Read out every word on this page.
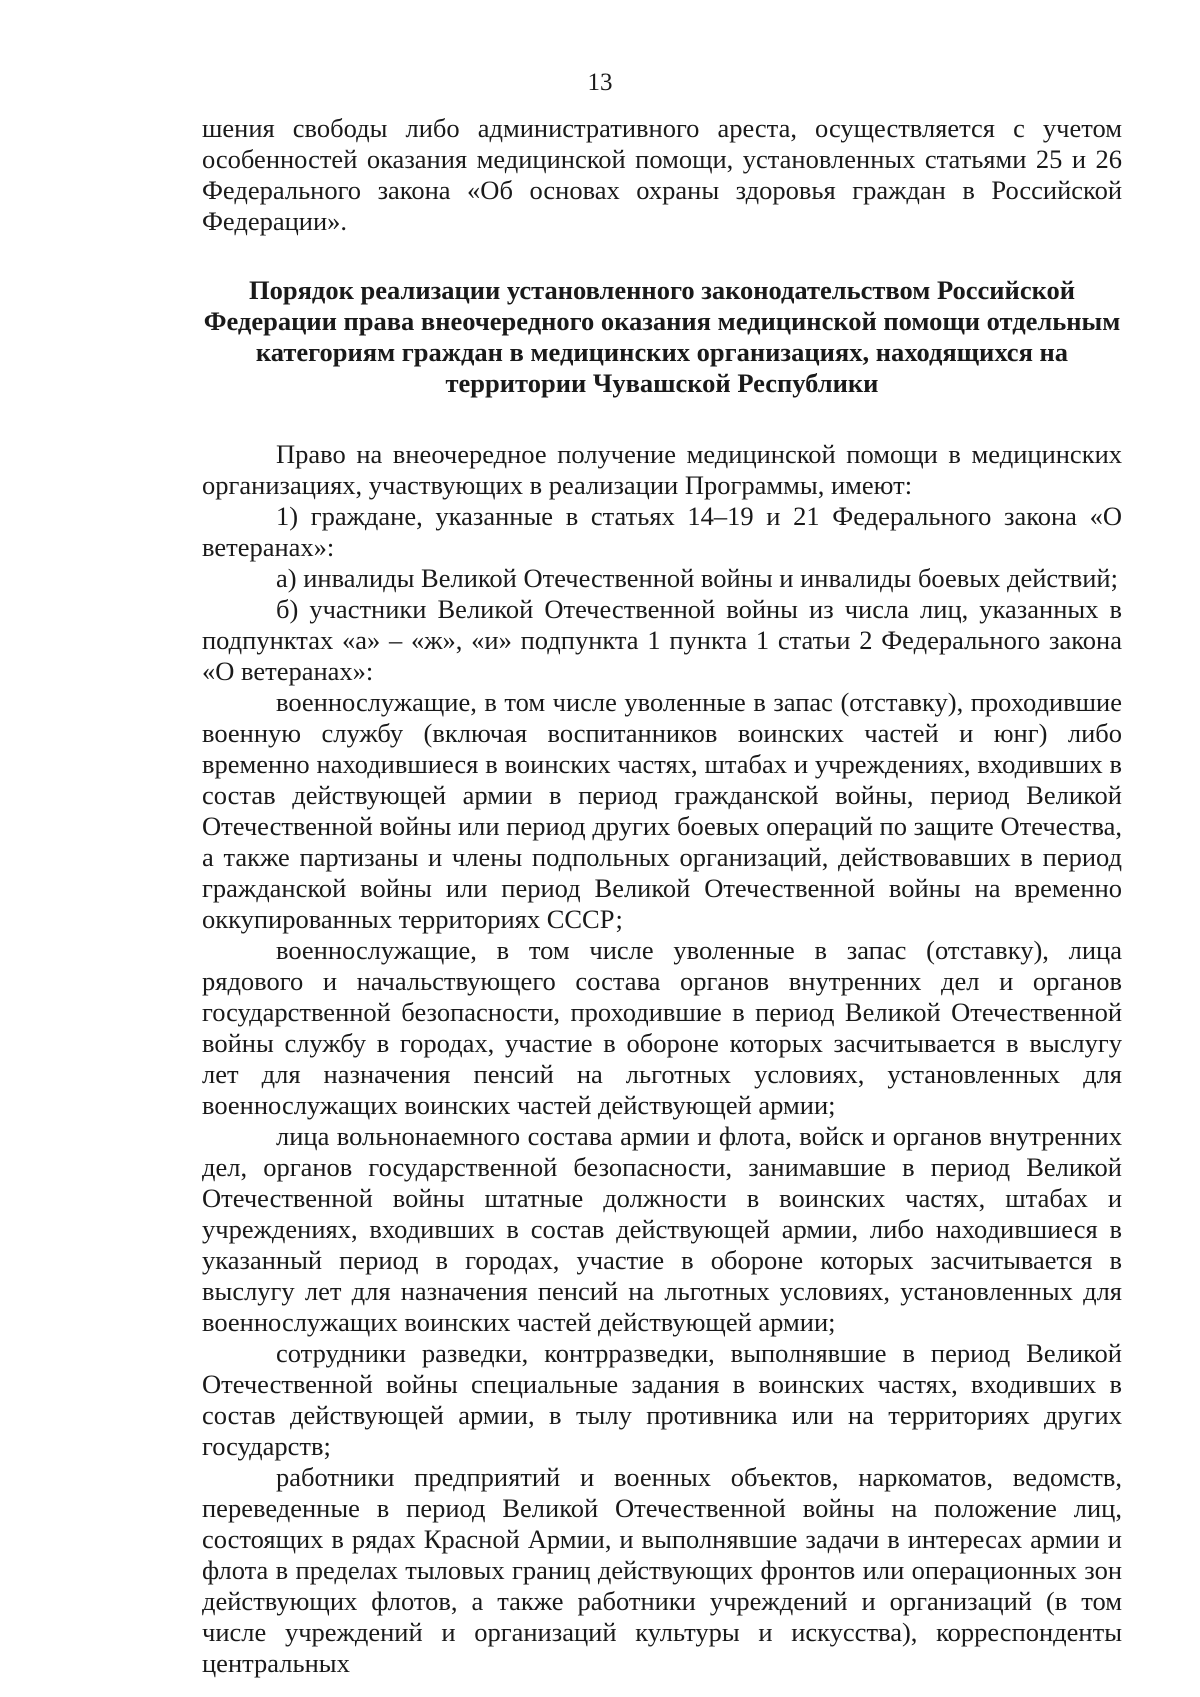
13

шения свободы либо административного ареста, осуществляется с учетом особенностей оказания медицинской помощи, установленных статьями 25 и 26 Федерального закона «Об основах охраны здоровья граждан в Российской Федерации».

Порядок реализации установленного законодательством Российской Федерации права внеочередного оказания медицинской помощи отдельным категориям граждан в медицинских организациях, находящихся на территории Чувашской Республики

Право на внеочередное получение медицинской помощи в медицинских организациях, участвующих в реализации Программы, имеют:

1) граждане, указанные в статьях 14–19 и 21 Федерального закона «О ветеранах»:

а) инвалиды Великой Отечественной войны и инвалиды боевых действий;

б) участники Великой Отечественной войны из числа лиц, указанных в подпунктах «а» – «ж», «и» подпункта 1 пункта 1 статьи 2 Федерального закона «О ветеранах»:

военнослужащие, в том числе уволенные в запас (отставку), проходившие военную службу (включая воспитанников воинских частей и юнг) либо временно находившиеся в воинских частях, штабах и учреждениях, входивших в состав действующей армии в период гражданской войны, период Великой Отечественной войны или период других боевых операций по защите Отечества, а также партизаны и члены подпольных организаций, действовавших в период гражданской войны или период Великой Отечественной войны на временно оккупированных территориях СССР;

военнослужащие, в том числе уволенные в запас (отставку), лица рядового и начальствующего состава органов внутренних дел и органов государственной безопасности, проходившие в период Великой Отечественной войны службу в городах, участие в обороне которых засчитывается в выслугу лет для назначения пенсий на льготных условиях, установленных для военнослужащих воинских частей действующей армии;

лица вольнонаемного состава армии и флота, войск и органов внутренних дел, органов государственной безопасности, занимавшие в период Великой Отечественной войны штатные должности в воинских частях, штабах и учреждениях, входивших в состав действующей армии, либо находившиеся в указанный период в городах, участие в обороне которых засчитывается в выслугу лет для назначения пенсий на льготных условиях, установленных для военнослужащих воинских частей действующей армии;

сотрудники разведки, контрразведки, выполнявшие в период Великой Отечественной войны специальные задания в воинских частях, входивших в состав действующей армии, в тылу противника или на территориях других государств;

работники предприятий и военных объектов, наркоматов, ведомств, переведенные в период Великой Отечественной войны на положение лиц, состоящих в рядах Красной Армии, и выполнявшие задачи в интересах армии и флота в пределах тыловых границ действующих фронтов или операционных зон действующих флотов, а также работники учреждений и организаций (в том числе учреждений и организаций культуры и искусства), корреспонденты центральных
